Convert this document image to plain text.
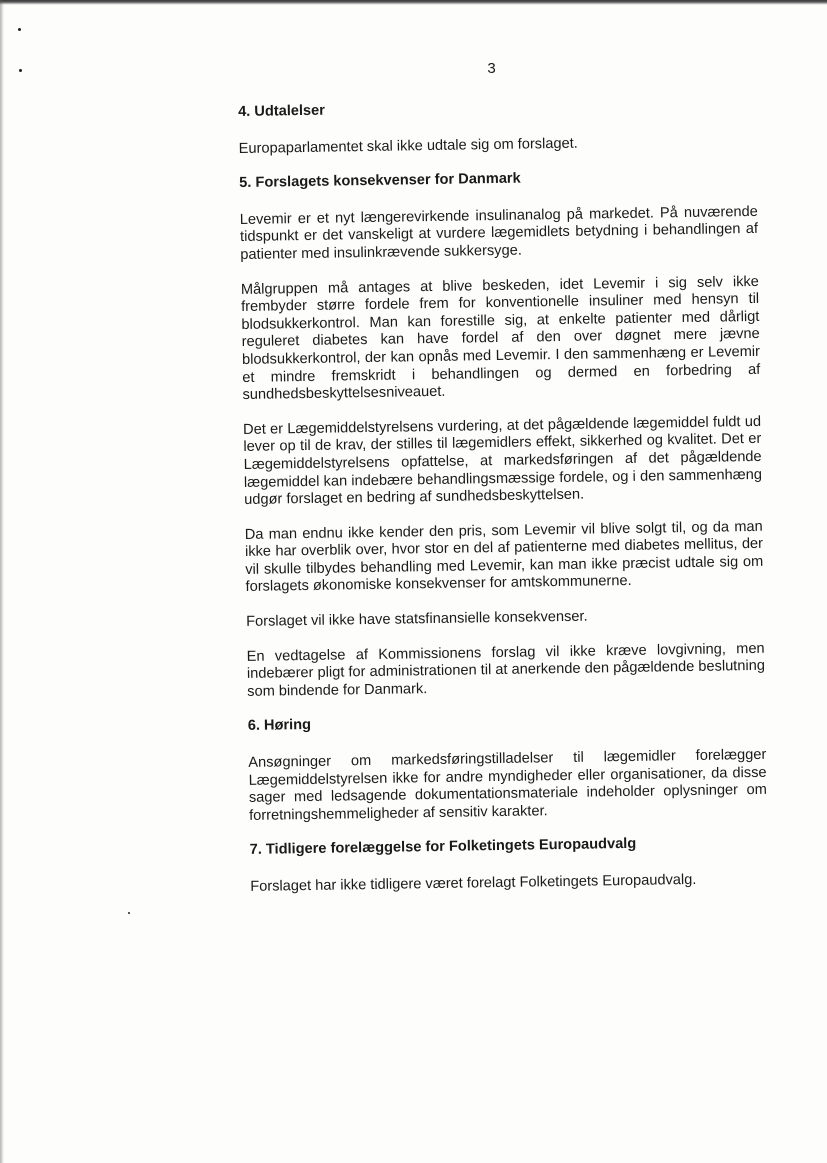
3
4. Udtalelser

Europaparlamentet skal ikke udtale sig om forslaget.

5. Forslagets konsekvenser for Danmark

Levemir er et nyt længerevirkende insulinanalog på markedet. På nuværende tidspunkt er det vanskeligt at vurdere lægemidlets betydning i behandlingen af patienter med insulinkrævende sukkersyge.

Målgruppen må antages at blive beskeden, idet Levemir i sig selv ikke frembyder større fordele frem for konventionelle insuliner med hensyn til blodsukkerkontrol. Man kan forestille sig, at enkelte patienter med dårligt reguleret diabetes kan have fordel af den over døgnet mere jævne blodsukkerkontrol, der kan opnås med Levemir. I den sammenhæng er Levemir et mindre fremskridt i behandlingen og dermed en forbedring af sundhedsbeskyttelsesniveauet.

Det er Lægemiddelstyrelsens vurdering, at det pågældende lægemiddel fuldt ud lever op til de krav, der stilles til lægemidlers effekt, sikkerhed og kvalitet. Det er Lægemiddelstyrelsens opfattelse, at markedsføringen af det pågældende lægemiddel kan indebære behandlingsmæssige fordele, og i den sammenhæng udgør forslaget en bedring af sundhedsbeskyttelsen.

Da man endnu ikke kender den pris, som Levemir vil blive solgt til, og da man ikke har overblik over, hvor stor en del af patienterne med diabetes mellitus, der vil skulle tilbydes behandling med Levemir, kan man ikke præcist udtale sig om forslagets økonomiske konsekvenser for amtskommunerne.

Forslaget vil ikke have statsfinansielle konsekvenser.

En vedtagelse af Kommissionens forslag vil ikke kræve lovgivning, men indebærer pligt for administrationen til at anerkende den pågældende beslutning som bindende for Danmark.

6. Høring

Ansøgninger om markedsføringstilladelser til lægemidler forelægger Lægemiddelstyrelsen ikke for andre myndigheder eller organisationer, da disse sager med ledsagende dokumentationsmateriale indeholder oplysninger om forretningshemmeligheder af sensitiv karakter.

7. Tidligere forelæggelse for Folketingets Europaudvalg

Forslaget har ikke tidligere været forelagt Folketingets Europaudvalg.
